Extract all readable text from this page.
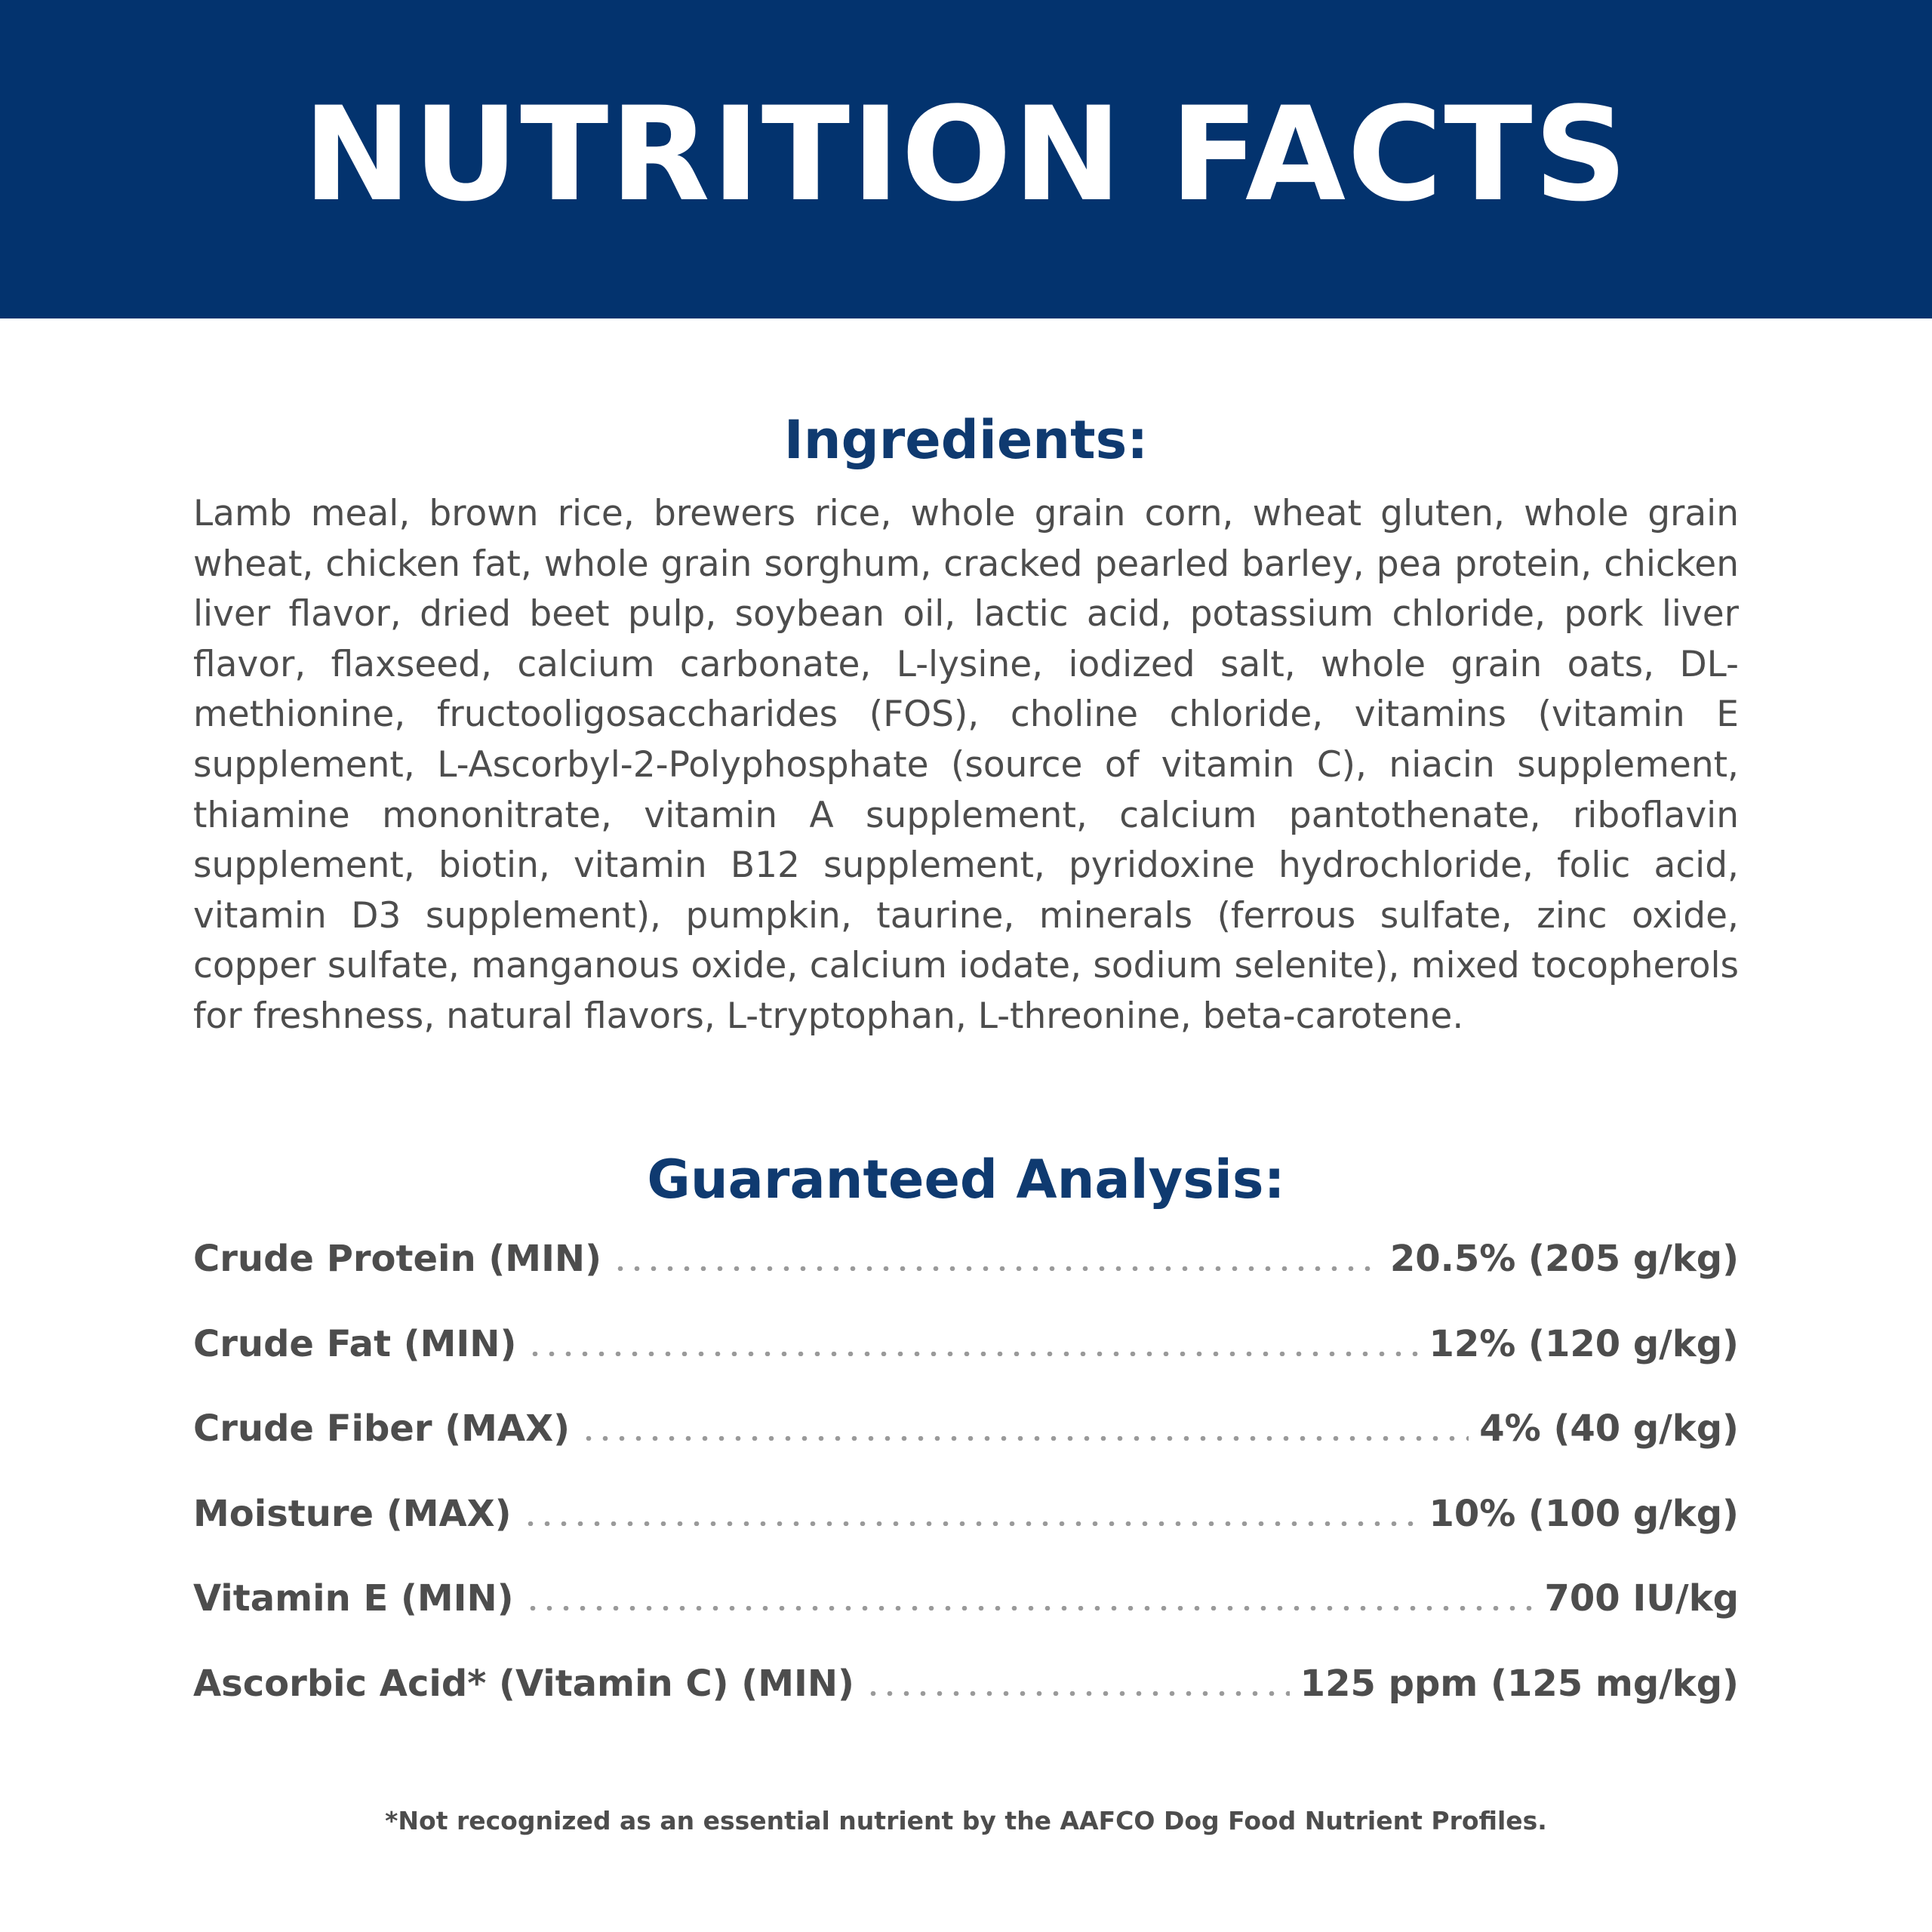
NUTRITION FACTS
Ingredients:

Lamb meal, brown rice, brewers rice, whole grain corn, wheat gluten, whole grain wheat, chicken fat, whole grain sorghum, cracked pearled barley, pea protein, chicken liver flavor, dried beet pulp, soybean oil, lactic acid, potassium chloride, pork liver flavor, flaxseed, calcium carbonate, L-lysine, iodized salt, whole grain oats, DL-methionine, fructooligosaccharides (FOS), choline chloride, vitamins (vitamin E supplement, L-Ascorbyl-2-Polyphosphate (source of vitamin C), niacin supplement, thiamine mononitrate, vitamin A supplement, calcium pantothenate, riboflavin supplement, biotin, vitamin B12 supplement, pyridoxine hydrochloride, folic acid, vitamin D3 supplement), pumpkin, taurine, minerals (ferrous sulfate, zinc oxide, copper sulfate, manganous oxide, calcium iodate, sodium selenite), mixed tocopherols for freshness, natural flavors, L-tryptophan, L-threonine, beta-carotene.

Guaranteed Analysis:
Crude Protein (MIN)	20.5% (205 g/kg)
Crude Fat (MIN)	12% (120 g/kg)
Crude Fiber (MAX)	4% (40 g/kg)
Moisture (MAX)	10% (100 g/kg)
Vitamin E (MIN)	700 IU/kg
Ascorbic Acid* (Vitamin C) (MIN)	125 ppm (125 mg/kg)
*Not recognized as an essential nutrient by the AAFCO Dog Food Nutrient Profiles.
